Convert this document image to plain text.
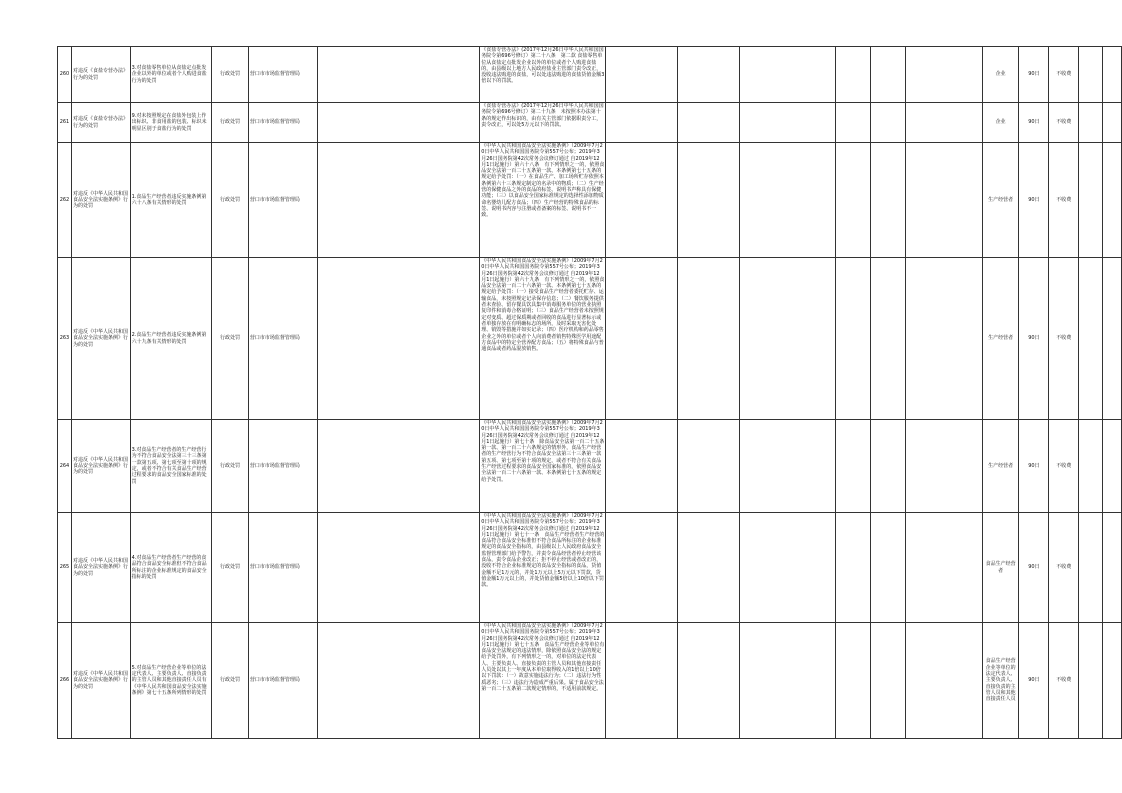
260	对违反《食盐专营办法》行为的处罚	3.对食盐零售单位从食盐定点批发企业以外的单位或者个人购进食盐行为的处罚	行政处罚	营口市市场监督管理局		《食盐专营办法》(2017年12月26日中华人民共和国国务院令第696号修订）第二十八条　第二款 食盐零售单位从食盐定点批发企业以外的单位或者个人购进食盐的，由县级以上地方人民政府盐业主管部门责令改正，没收违法购进的食盐，可以处违法购进的食盐货值金额3倍以下的罚款。							企业	90日	不收费		
261	对违反《食盐专营办法》行为的处罚	9.对未按照规定在食盐外包装上作出标识、非食用盐的包装、标识未明显区别于食盐行为的处罚	行政处罚	营口市市场监督管理局		《食盐专营办法》(2017年12月26日中华人民共和国国务院令第696号修订）第二十九条　未按照本办法第十条的规定作出标识的，由有关主管部门依据职责分工，责令改正，可以处5万元以下的罚款。							企业	90日	不收费		
262	对违反《中华人民共和国食品安全法实施条例》行为的处罚	1.食品生产经营者违反实施条例第六十八条有关情形的处罚	行政处罚	营口市市场监督管理局		《中华人民共和国食品安全法实施条例》（2009年7月20日中华人民共和国国务院令第557号公布；2019年3月26日国务院第42次常务会议修订通过 自2019年12月1日起施行）第六十八条　有下列情形之一的，依照食品安全法第一百二十五条第一款、本条例第七十五条的规定给予处罚：（一）在食品生产、加工场所贮存依照本条例第六十三条规定制定的名录中的物质；（二）生产经营的保健食品之外的食品的标签、说明书声称具有保健功能；（三）以食品安全国家标准规定的选择性添加物质命名婴幼儿配方食品；（四）生产经营的特殊食品的标签、说明书内容与注册或者备案的标签、说明书不一致。							生产经营者	90日	不收费		
263	对违反《中华人民共和国食品安全法实施条例》行为的处罚	2.食品生产经营者违反实施条例第六十九条有关情形的处罚	行政处罚	营口市市场监督管理局		《中华人民共和国食品安全法实施条例》（2009年7月20日中华人民共和国国务院令第557号公布；2019年3月26日国务院第42次常务会议修订通过 自2019年12月1日起施行）第六十九条　有下列情形之一的，依照食品安全法第一百二十六条第一款、本条例第七十五条的规定给予处罚：（一）接受食品生产经营者委托贮存、运输食品，未按照规定记录保存信息；（二）餐饮服务提供者未查验、留存餐具饮具集中消毒服务单位的营业执照复印件和消毒合格证明；（三）食品生产经营者未按照规定对变质、超过保质期或者回收的食品进行显著标示或者单独存放在有明确标志的场所，及时采取无害化处理、销毁等措施并如实记录；（四）医疗机构和药品零售企业之外的单位或者个人向消费者销售特殊医学用途配方食品中的特定全营养配方食品；（五）将特殊食品与普通食品或者药品混放销售。							生产经营者	90日	不收费		
264	对违反《中华人民共和国食品安全法实施条例》行为的处罚	3.对食品生产经营者的生产经营行为不符合食品安全法第三十三条第一款第五项、第七项至第十项的规定，或者不符合有关食品生产经营过程要求的食品安全国家标准的处罚	行政处罚	营口市市场监督管理局		《中华人民共和国食品安全法实施条例》（2009年7月20日中华人民共和国国务院令第557号公布；2019年3月26日国务院第42次常务会议修订通过 自2019年12月1日起施行）第七十条　除食品安全法第一百二十五条第一款、第一百二十六条规定的情形外，食品生产经营者的生产经营行为不符合食品安全法第三十三条第一款第五项、第七项至第十项的规定，或者不符合有关食品生产经营过程要求的食品安全国家标准的，依照食品安全法第一百二十六条第一款、本条例第七十五条的规定给予处罚。							生产经营者	90日	不收费		
265	对违反《中华人民共和国食品安全法实施条例》行为的处罚	4.对食品生产经营者生产经营的食品符合食品安全标准但不符合食品所标注的企业标准规定的食品安全指标的处罚	行政处罚	营口市市场监督管理局		《中华人民共和国食品安全法实施条例》（2009年7月20日中华人民共和国国务院令第557号公布；2019年3月26日国务院第42次常务会议修订通过 自2019年12月1日起施行）第七十一条　食品生产经营者生产经营的食品符合食品安全标准但不符合食品所标注的企业标准规定的食品安全指标的，由县级以上人民政府食品安全监督管理部门给予警告，并责令食品经营者停止经营该食品，责令食品企业改正；拒不停止经营或者改正的，没收不符合企业标准规定的食品安全指标的食品，货值金额不足1万元的，并处1万元以上5万元以下罚款，货值金额1万元以上的，并处货值金额5倍以上10倍以下罚款。							食品生产经营者	90日	不收费		
266	对违反《中华人民共和国食品安全法实施条例》行为的处罚	5.对食品生产经营企业等单位的法定代表人、主要负责人、直接负责的主管人员和其他直接责任人员有《中华人民共和国食品安全法实施条例》第七十五条所列情形的处罚	行政处罚	营口市市场监督管理局		《中华人民共和国食品安全法实施条例》（2009年7月20日中华人民共和国国务院令第557号公布；2019年3月26日国务院第42次常务会议修订通过 自2019年12月1日起施行）第七十五条　食品生产经营企业等单位有食品安全法规定的违法情形，除依照食品安全法的规定给予处罚外，有下列情形之一的，对单位的法定代表人、主要负责人、直接负责的主管人员和其他直接责任人员处以其上一年度从本单位取得收入的1倍以上10倍以下罚款：（一）故意实施违法行为；（二）违法行为性质恶劣；（三）违法行为造成严重后果。属于食品安全法第一百二十五条第二款规定情形的，不适用前款规定。							食品生产经营企业等单位的法定代表人、主要负责人、直接负责的主管人员和其他直接责任人员	90日	不收费		
